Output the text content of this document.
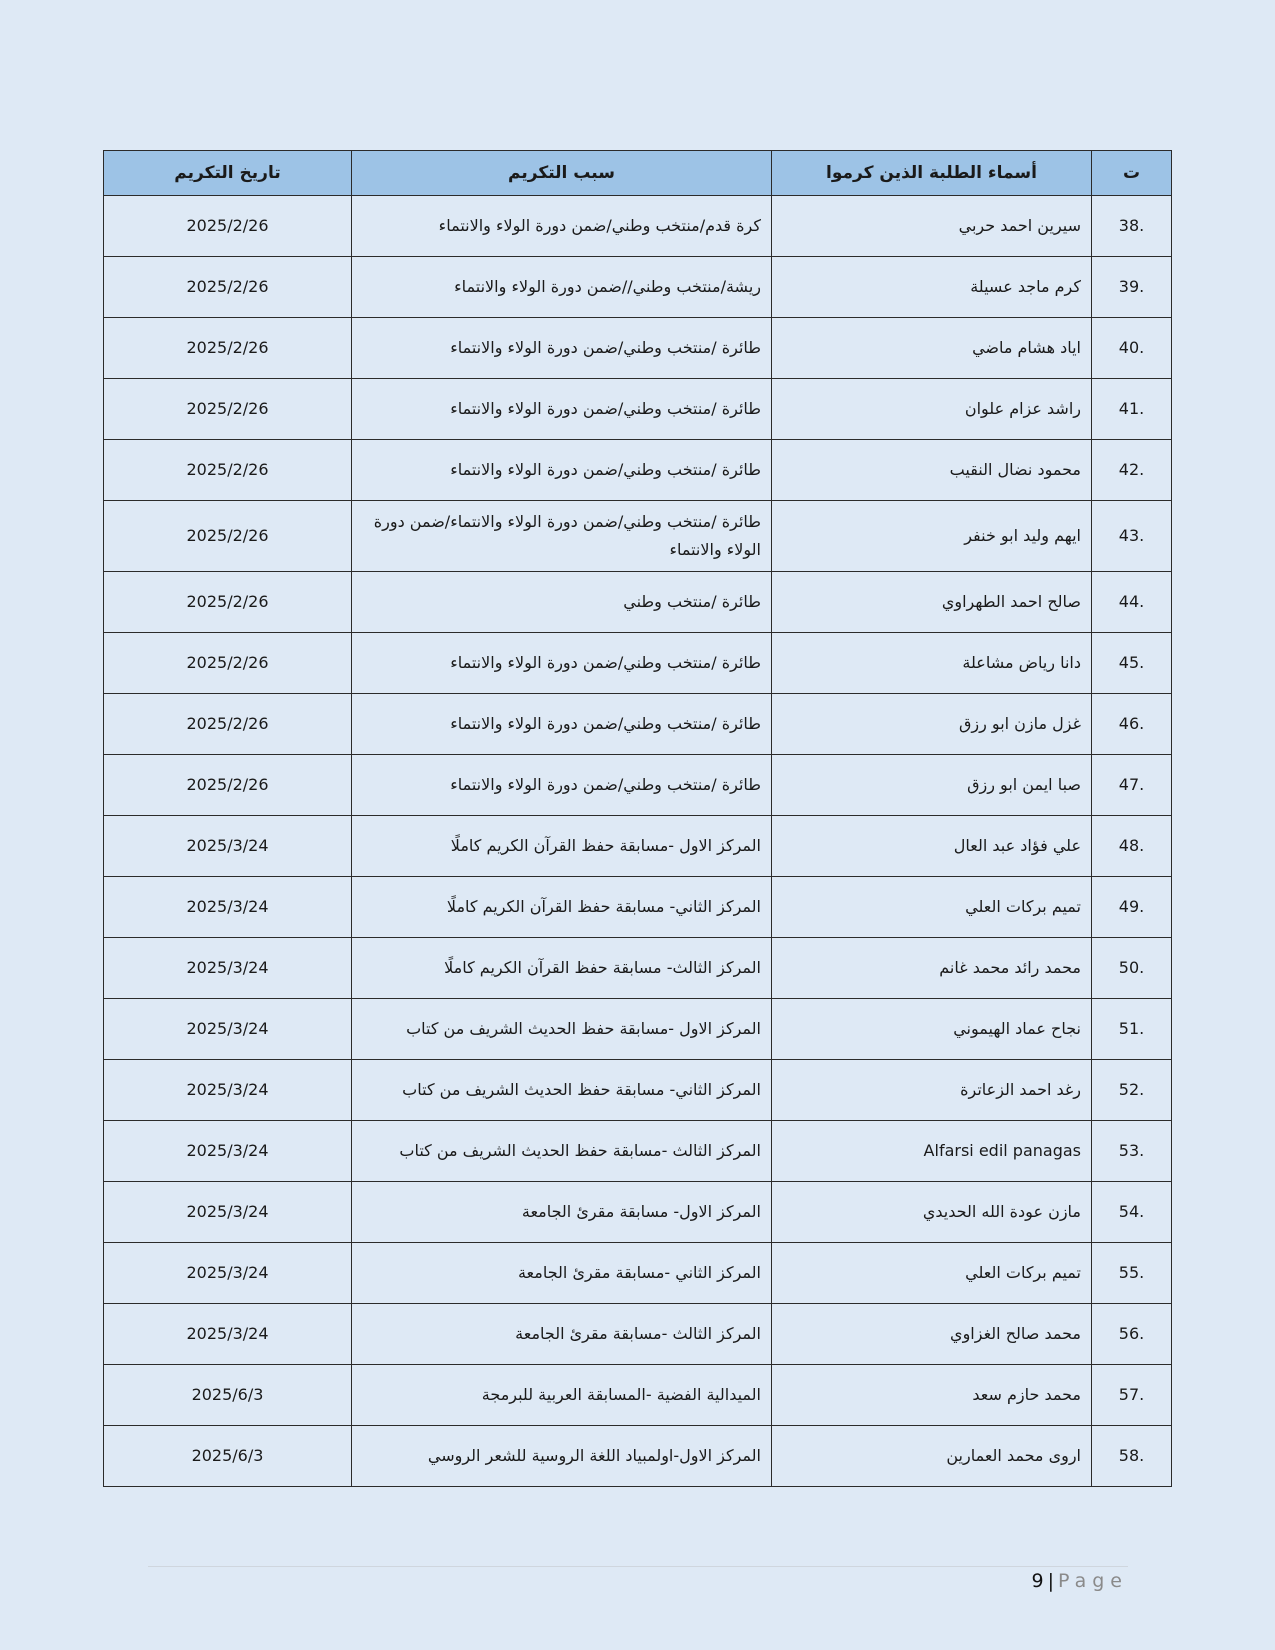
ت	أسماء الطلبة الذين كرموا	سبب التكريم	تاريخ التكريم
38.	سيرين احمد حربي	كرة قدم/منتخب وطني/ضمن دورة الولاء والانتماء	2025/2/26
39.	كرم ماجد عسيلة	ريشة/منتخب وطني//ضمن دورة الولاء والانتماء	2025/2/26
40.	اياد هشام ماضي	طائرة /منتخب وطني/ضمن دورة الولاء والانتماء	2025/2/26
41.	راشد عزام علوان	طائرة /منتخب وطني/ضمن دورة الولاء والانتماء	2025/2/26
42.	محمود نضال النقيب	طائرة /منتخب وطني/ضمن دورة الولاء والانتماء	2025/2/26
43.	ايهم وليد ابو خنفر	طائرة /منتخب وطني/ضمن دورة الولاء والانتماء/ضمن دورة الولاء والانتماء	2025/2/26
44.	صالح احمد الطهراوي	طائرة /منتخب وطني	2025/2/26
45.	دانا رياض مشاعلة	طائرة /منتخب وطني/ضمن دورة الولاء والانتماء	2025/2/26
46.	غزل مازن ابو رزق	طائرة /منتخب وطني/ضمن دورة الولاء والانتماء	2025/2/26
47.	صبا ايمن ابو رزق	طائرة /منتخب وطني/ضمن دورة الولاء والانتماء	2025/2/26
48.	علي فؤاد عبد العال	المركز الاول -مسابقة حفظ القرآن الكريم كاملًا	2025/3/24
49.	تميم بركات العلي	المركز الثاني- مسابقة حفظ القرآن الكريم كاملًا	2025/3/24
50.	محمد رائد محمد غانم	المركز الثالث- مسابقة حفظ القرآن الكريم كاملًا	2025/3/24
51.	نجاح عماد الهيموني	المركز الاول -مسابقة حفظ الحديث الشريف من كتاب	2025/3/24
52.	رغد احمد الزعاترة	المركز الثاني- مسابقة حفظ الحديث الشريف من كتاب	2025/3/24
53.	Alfarsi edil panagas	المركز الثالث -مسابقة حفظ الحديث الشريف من كتاب	2025/3/24
54.	مازن عودة الله الحديدي	المركز الاول- مسابقة مقرئ الجامعة	2025/3/24
55.	تميم بركات العلي	المركز الثاني -مسابقة مقرئ الجامعة	2025/3/24
56.	محمد صالح الغزاوي	المركز الثالث -مسابقة مقرئ الجامعة	2025/3/24
57.	محمد حازم سعد	الميدالية الفضية -المسابقة العربية للبرمجة	2025/6/3
58.	اروى محمد العمارين	المركز الاول-اولمبياد اللغة الروسية للشعر الروسي	2025/6/3
9 | Page
